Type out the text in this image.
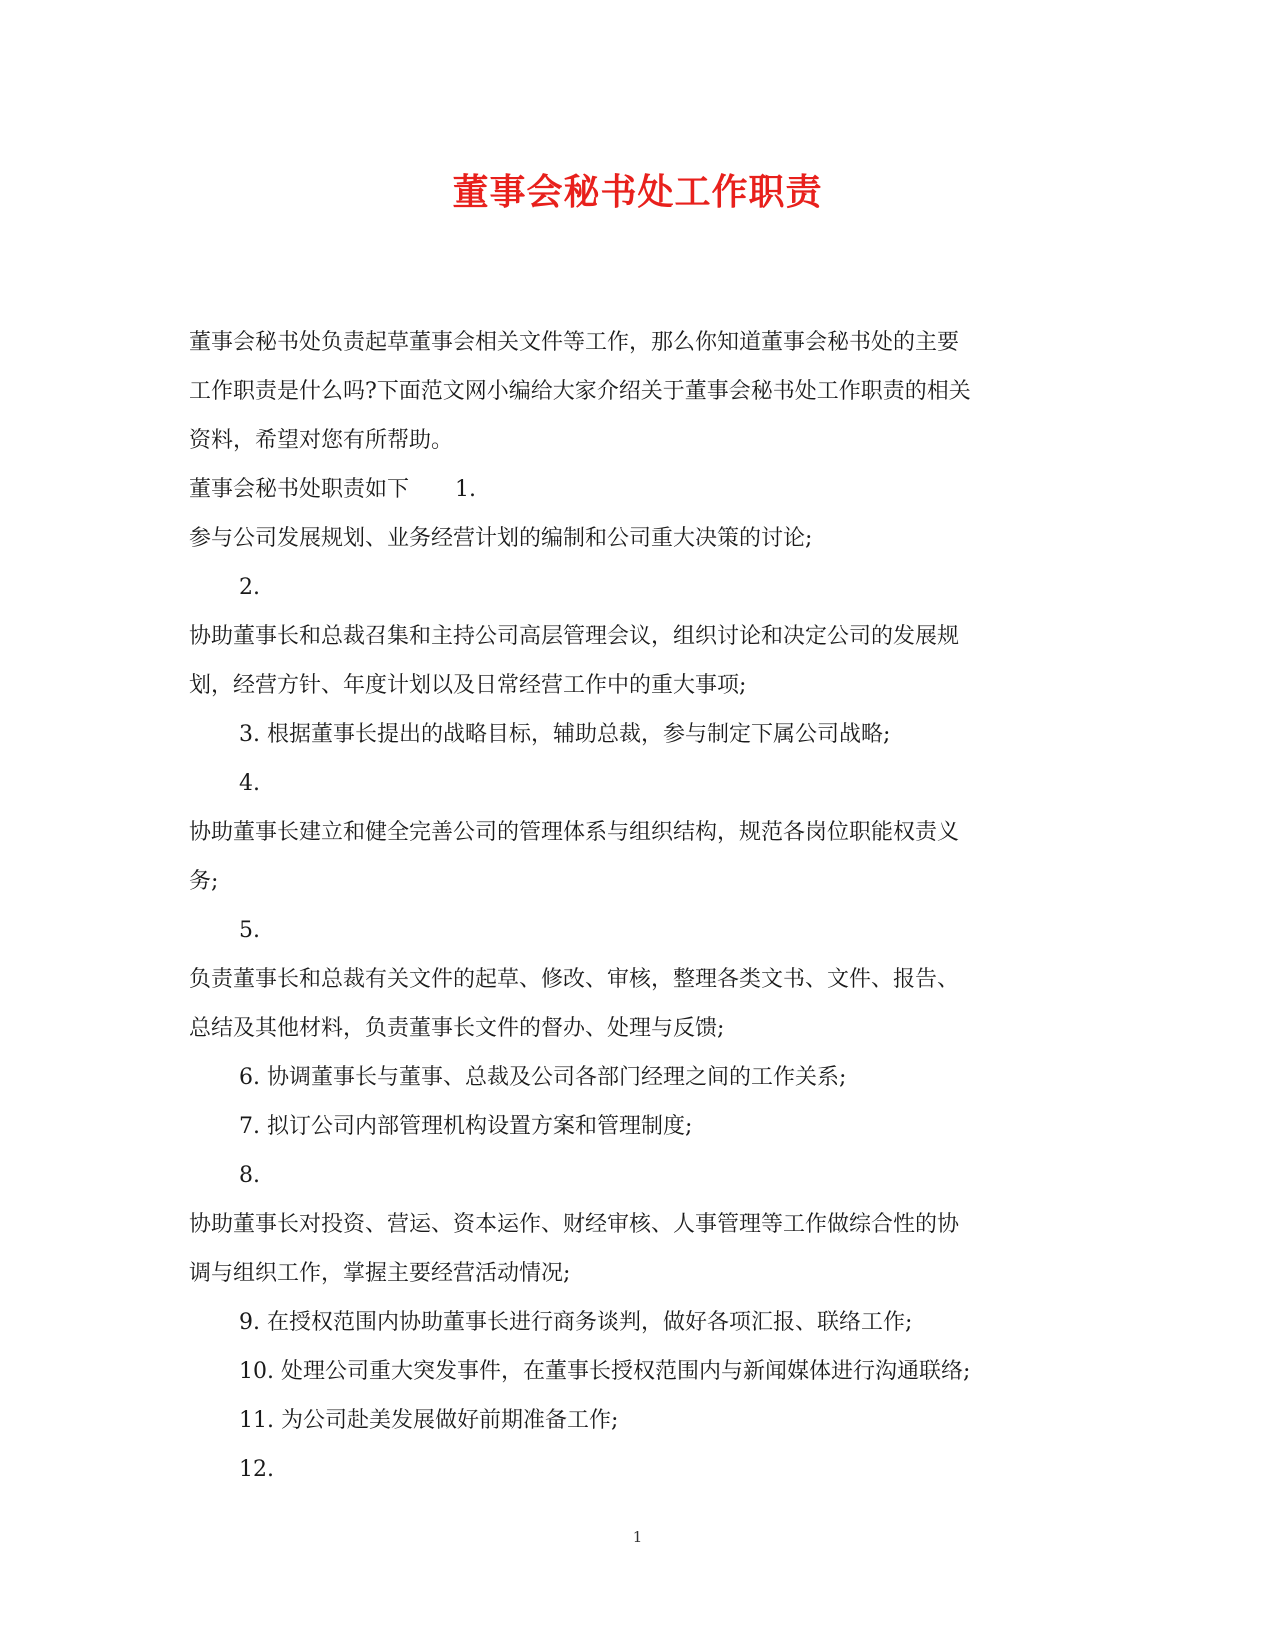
董事会秘书处工作职责
董事会秘书处负责起草董事会相关文件等工作，那么你知道董事会秘书处的主要
工作职责是什么吗?下面范文网小编给大家介绍关于董事会秘书处工作职责的相关
资料，希望对您有所帮助。
董事会秘书处职责如下 1.
参与公司发展规划、业务经营计划的编制和公司重大决策的讨论;
2.
协助董事长和总裁召集和主持公司高层管理会议，组织讨论和决定公司的发展规
划，经营方针、年度计划以及日常经营工作中的重大事项;
3. 根据董事长提出的战略目标，辅助总裁，参与制定下属公司战略;
4.
协助董事长建立和健全完善公司的管理体系与组织结构，规范各岗位职能权责义
务;
5.
负责董事长和总裁有关文件的起草、修改、审核，整理各类文书、文件、报告、
总结及其他材料，负责董事长文件的督办、处理与反馈;
6. 协调董事长与董事、总裁及公司各部门经理之间的工作关系;
7. 拟订公司内部管理机构设置方案和管理制度;
8.
协助董事长对投资、营运、资本运作、财经审核、人事管理等工作做综合性的协
调与组织工作，掌握主要经营活动情况;
9. 在授权范围内协助董事长进行商务谈判，做好各项汇报、联络工作;
10. 处理公司重大突发事件，在董事长授权范围内与新闻媒体进行沟通联络;
11. 为公司赴美发展做好前期准备工作;
12.
1
